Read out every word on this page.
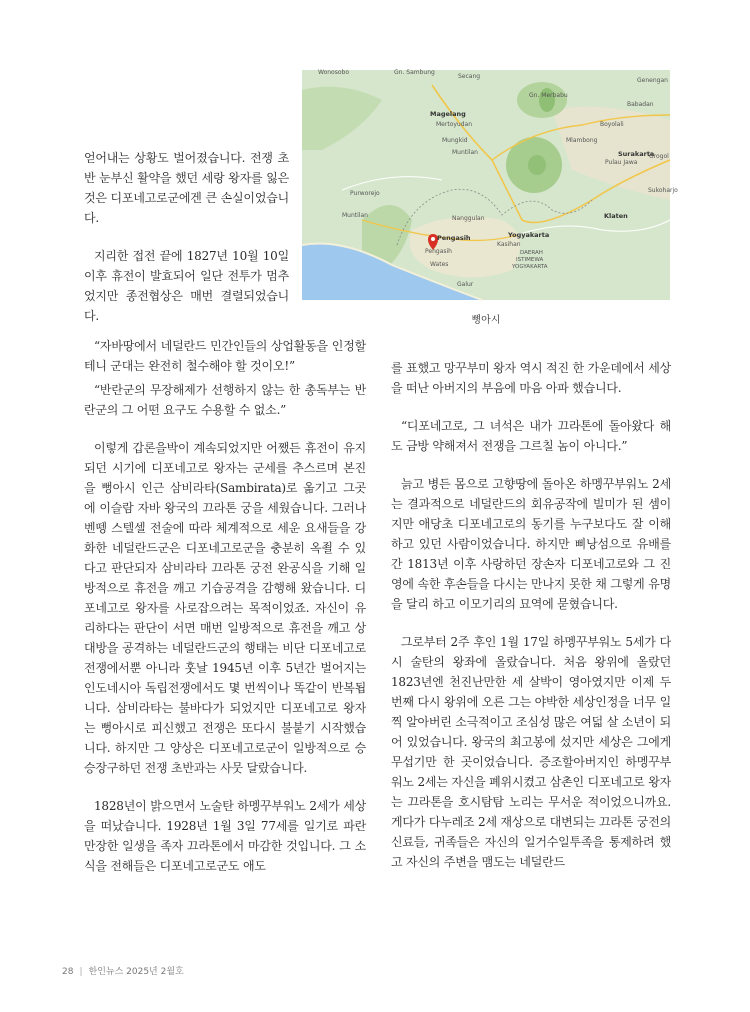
Wonosobo
Secang
Gn. Sambung
Magelang
Mertoyudan
Gn. Merbabu
Boyolali
Surakarta
Babadan
Genengan
Mungkid
Muntilan
Mlambong
Pulau Jawa
Grogol
Sukoharjo
Purworejo
Muntilan	Klaten
Nanggulan
Yogyakarta
Pengasih
Pengasih
Kasihan
DAERAH
ISTIMEWA
YOGYAKARTA
Wates
Galur
뼝아시

얻어내는 상황도 벌어졌습니다. 전쟁 초반 눈부신 활약을 했던 세랑 왕자를 잃은 것은 디포네고로군에겐 큰 손실이었습니다.

지리한 접전 끝에 1827년 10월 10일 이후 휴전이 발효되어 일단 전투가 멈추었지만 종전협상은 매번 결렬되었습니다.

“자바땅에서 네덜란드 민간인들의 상업활동을 인정할 테니 군대는 완전히 철수해야 할 것이오!”

“반란군의 무장해제가 선행하지 않는 한 총독부는 반란군의 그 어떤 요구도 수용할 수 없소.”

이렇게 갑론을박이 계속되었지만 어쨌든 휴전이 유지되던 시기에 디포네고로 왕자는 군세를 추스르며 본진을 뻥아시 인근 삼비라타(Sambirata)로 옮기고 그곳에 이슬람 자바 왕국의 끄라톤 궁을 세웠습니다. 그러나 벤뗑 스텔셀 전술에 따라 체계적으로 세운 요새들을 강화한 네덜란드군은 디포네고로군을 충분히 옥죌 수 있다고 판단되자 삼비라타 끄라톤 궁전 완공식을 기해 일방적으로 휴전을 깨고 기습공격을 감행해 왔습니다. 디포네고로 왕자를 사로잡으려는 목적이었죠. 자신이 유리하다는 판단이 서면 매번 일방적으로 휴전을 깨고 상대방을 공격하는 네덜란드군의 행태는 비단 디포네고로 전쟁에서뿐 아니라 훗날 1945년 이후 5년간 벌어지는 인도네시아 독립전쟁에서도 몇 번씩이나 똑같이 반복됩니다. 삼비라타는 불바다가 되었지만 디포네고로 왕자는 뻥아시로 피신했고 전쟁은 또다시 불붙기 시작했습니다. 하지만 그 양상은 디포네고로군이 일방적으로 승승장구하던 전쟁 초반과는 사뭇 달랐습니다.

1828년이 밝으면서 노술탄 하멩꾸부워노 2세가 세상을 떠났습니다. 1928년 1월 3일 77세를 일기로 파란만장한 일생을 족자 끄라톤에서 마감한 것입니다. 그 소식을 전해들은 디포네고로군도 애도

를 표했고 망꾸부미 왕자 역시 적진 한 가운데에서 세상을 떠난 아버지의 부음에 마음 아파 했습니다.

“디포네고로, 그 녀석은 내가 끄라톤에 돌아왔다 해도 금방 약해져서 전쟁을 그르칠 놈이 아니다.”

늙고 병든 몸으로 고향땅에 돌아온 하멩꾸부워노 2세는 결과적으로 네덜란드의 회유공작에 빌미가 된 셈이지만 애당초 디포네고로의 동기를 누구보다도 잘 이해하고 있던 사람이었습니다. 하지만 삐낭섬으로 유배를 간 1813년 이후 사랑하던 장손자 디포네고로와 그 진영에 속한 후손들을 다시는 만나지 못한 채 그렇게 유명을 달리 하고 이모기리의 묘역에 묻혔습니다.

그로부터 2주 후인 1월 17일 하멩꾸부워노 5세가 다시 술탄의 왕좌에 올랐습니다. 처음 왕위에 올랐던 1823년엔 천진난만한 세 살박이 영아였지만 이제 두 번째 다시 왕위에 오른 그는 야박한 세상인정을 너무 일찍 알아버린 소극적이고 조심성 많은 여덟 살 소년이 되어 있었습니다. 왕국의 최고봉에 섰지만 세상은 그에게 무섭기만 한 곳이었습니다. 증조할아버지인 하멩꾸부워노 2세는 자신을 폐위시켰고 삼촌인 디포네고로 왕자는 끄라톤을 호시탐탐 노리는 무서운 적이었으니까요. 게다가 다누레조 2세 재상으로 대변되는 끄라톤 궁전의 신료들, 귀족들은 자신의 일거수일투족을 통제하려 했고 자신의 주변을 맴도는 네덜란드

28 | 한인뉴스 2025년 2월호
